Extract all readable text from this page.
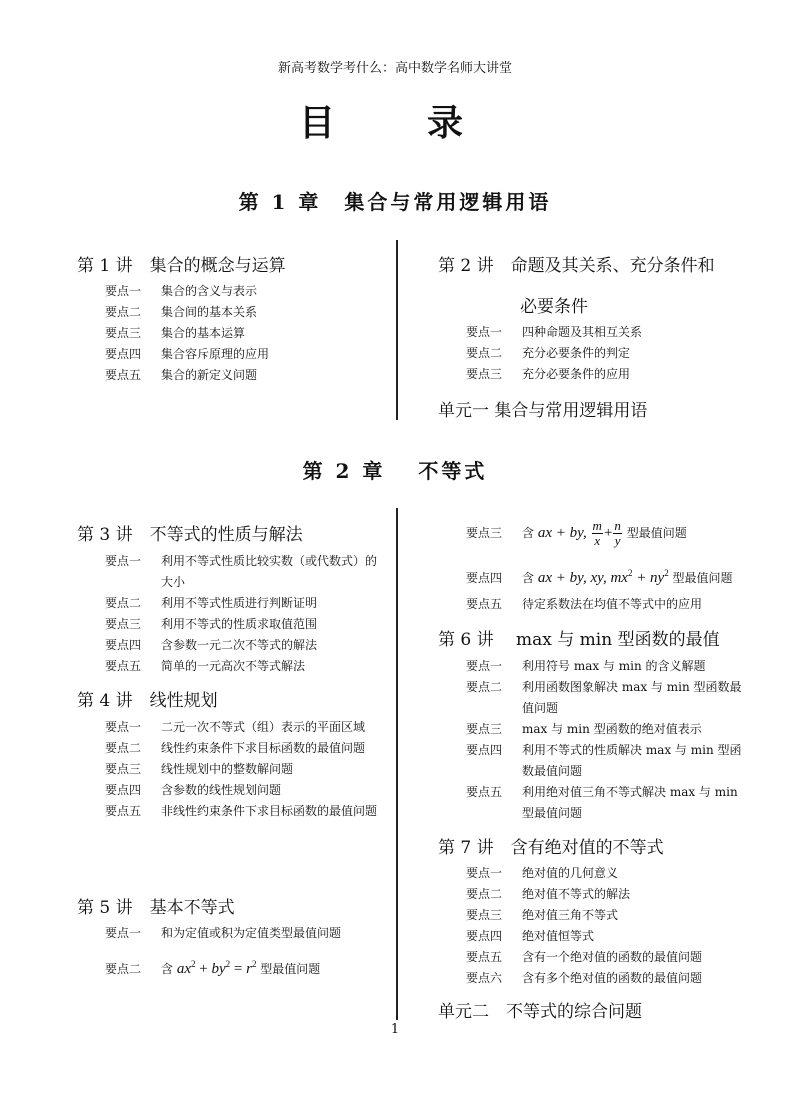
新高考数学考什么：高中数学名师大讲堂
目　录
第 1 章　集合与常用逻辑用语
第 1 讲　集合的概念与运算
要点一 集合的含义与表示
要点二 集合间的基本关系
要点三 集合的基本运算
要点四 集合容斥原理的应用
要点五 集合的新定义问题
第 2 讲　命题及其关系、充分条件和
必要条件
要点一 四种命题及其相互关系
要点二 充分必要条件的判定
要点三 充分必要条件的应用
单元一 集合与常用逻辑用语
第 2 章　 不等式
第 3 讲　不等式的性质与解法
要点一	利用不等式性质比较实数（或代数式）的大小
要点二 利用不等式性质进行判断证明
要点三 利用不等式的性质求取值范围
要点四 含参数一元二次不等式的解法
要点五 简单的一元高次不等式解法
第 4 讲　线性规划
要点一	二元一次不等式（组）表示的平面区域
要点二	线性约束条件下求目标函数的最值问题
要点三 线性规划中的整数解问题
要点四 含参数的线性规划问题
要点五	非线性约束条件下求目标函数的最值问题
第 5 讲　基本不等式
要点一 和为定值或积为定值类型最值问题
要点二 含 $ax^2 + by^2 = r^2$ 型最值问题
要点三 含 ax + by, $\frac{m}{x} + \frac{n}{y}$ 型最值问题
要点四 含 ax + by, xy, $mx^2 + ny^2$ 型最值问题
要点五 待定系数法在均值不等式中的应用
第 6 讲　 max 与 min 型函数的最值
要点一 利用符号 max 与 min 的含义解题
要点二	利用函数图象解决 max 与 min 型函数最值问题
要点三 max 与 min 型函数的绝对值表示
要点四	利用不等式的性质解决 max 与 min 型函数最值问题
要点五	利用绝对值三角不等式解决 max 与 min 型最值问题
第 7 讲　含有绝对值的不等式
要点一 绝对值的几何意义
要点二 绝对值不等式的解法
要点三 绝对值三角不等式
要点四 绝对值恒等式
要点五 含有一个绝对值的函数的最值问题
要点六 含有多个绝对值的函数的最值问题
单元二　不等式的综合问题
1
